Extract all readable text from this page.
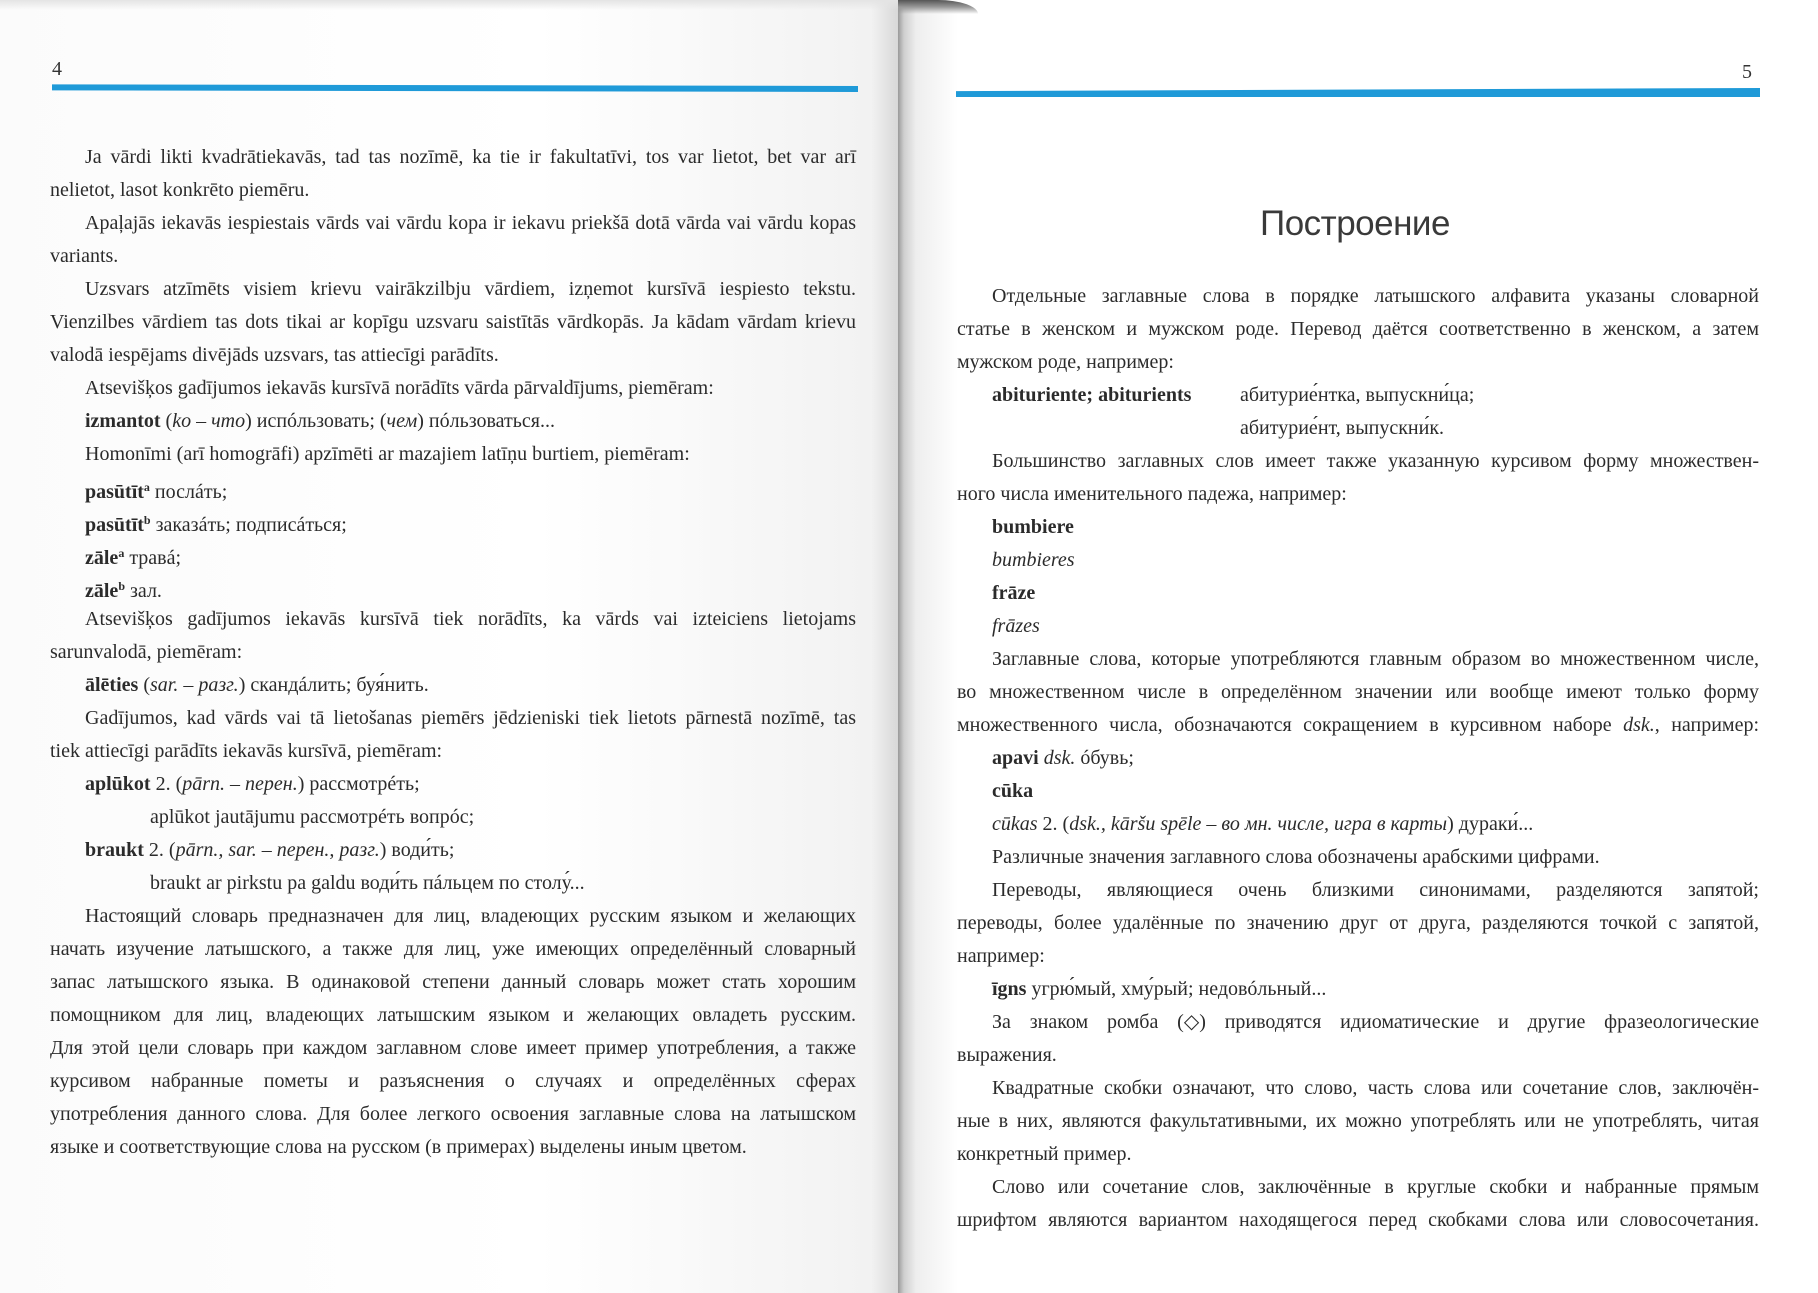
4	5
Построение
Ja vārdi likti kvadrātiekavās, tad tas nozīmē, ka tie ir fakultatīvi, tos var lietot, bet var arī
nelietot, lasot konkrēto piemēru.
Apaļajās iekavās iespiestais vārds vai vārdu kopa ir iekavu priekšā dotā vārda vai vārdu kopas
variants.
Uzsvars atzīmēts visiem krievu vairākzilbju vārdiem, izņemot kursīvā iespiesto tekstu.
Vienzilbes vārdiem tas dots tikai ar kopīgu uzsvaru saistītās vārdkopās. Ja kādam vārdam krievu
valodā iespējams divējāds uzsvars, tas attiecīgi parādīts.
Atsevišķos gadījumos iekavās kursīvā norādīts vārda pārvaldījums, piemēram:
izmantot (ko – что) испóльзовать; (чем) пóльзоваться...
Homonīmi (arī homogrāfi) apzīmēti ar mazajiem latīņu burtiem, piemēram:
pasūtīt$^a$ послáть;
pasūtīt$^b$ заказáть; подписáться;
zāle$^a$ травá;
zāle$^b$ зал.
Atsevišķos gadījumos iekavās kursīvā tiek norādīts, ka vārds vai izteiciens lietojams
sarunvalodā, piemēram:
ālēties (sar. – разг.) скандáлить; буя́нить.
Gadījumos, kad vārds vai tā lietošanas piemērs jēdzieniski tiek lietots pārnestā nozīmē, tas
tiek attiecīgi parādīts iekavās kursīvā, piemēram:
aplūkot 2. (pārn. – перен.) рассмотрéть;
aplūkot jautājumu рассмотрéть вопрóс;
braukt 2. (pārn., sar. – перен., разг.) води́ть;
braukt ar pirkstu pa galdu води́ть пáльцем по столу́...
Настоящий словарь предназначен для лиц, владеющих русским языком и желающих
начать изучение латышского, а также для лиц, уже имеющих определённый словарный
запас латышского языка. В одинаковой степени данный словарь может стать хорошим
помощником для лиц, владеющих латышским языком и желающих овладеть русским.
Для этой цели словарь при каждом заглавном слове имеет пример употребления, а также
курсивом набранные пометы и разъяснения о случаях и определённых сферах
употребления данного слова. Для более легкого освоения заглавные слова на латышском
языке и соответствующие слова на русском (в примерах) выделены иным цветом.
Отдельные заглавные слова в порядке латышского алфавита указаны словарной
статье в женском и мужском роде. Перевод даётся соответственно в женском, а затем
мужском роде, например:
abituriente; abiturients абитурие́нтка, выпускни́ца;
абитурие́нт, выпускни́к.
Большинство заглавных слов имеет также указанную курсивом форму множествен-
ного числа именительного падежа, например:
bumbiere
bumbieres
frāze
frāzes
Заглавные слова, которые употребляются главным образом во множественном числе,
во множественном числе в определённом значении или вообще имеют только форму
множественного числа, обозначаются сокращением в курсивном наборе dsk., например:
apavi dsk. óбувь;
cūka
cūkas 2. (dsk., kāršu spēle – во мн. числе, игра в карты) дураки́...
Различные значения заглавного слова обозначены арабскими цифрами.
Переводы, являющиеся очень близкими синонимами, разделяются запятой;
переводы, более удалённые по значению друг от друга, разделяются точкой с запятой,
например:
īgns угрю́мый, хму́рый; недовóльный...
За знаком ромба (◇) приводятся идиоматические и другие фразеологические
выражения.
Квадратные скобки означают, что слово, часть слова или сочетание слов, заключён-
ные в них, являются факультативными, их можно употреблять или не употреблять, читая
конкретный пример.
Слово или сочетание слов, заключённые в круглые скобки и набранные прямым
шрифтом являются вариантом находящегося перед скобками слова или словосочетания.
